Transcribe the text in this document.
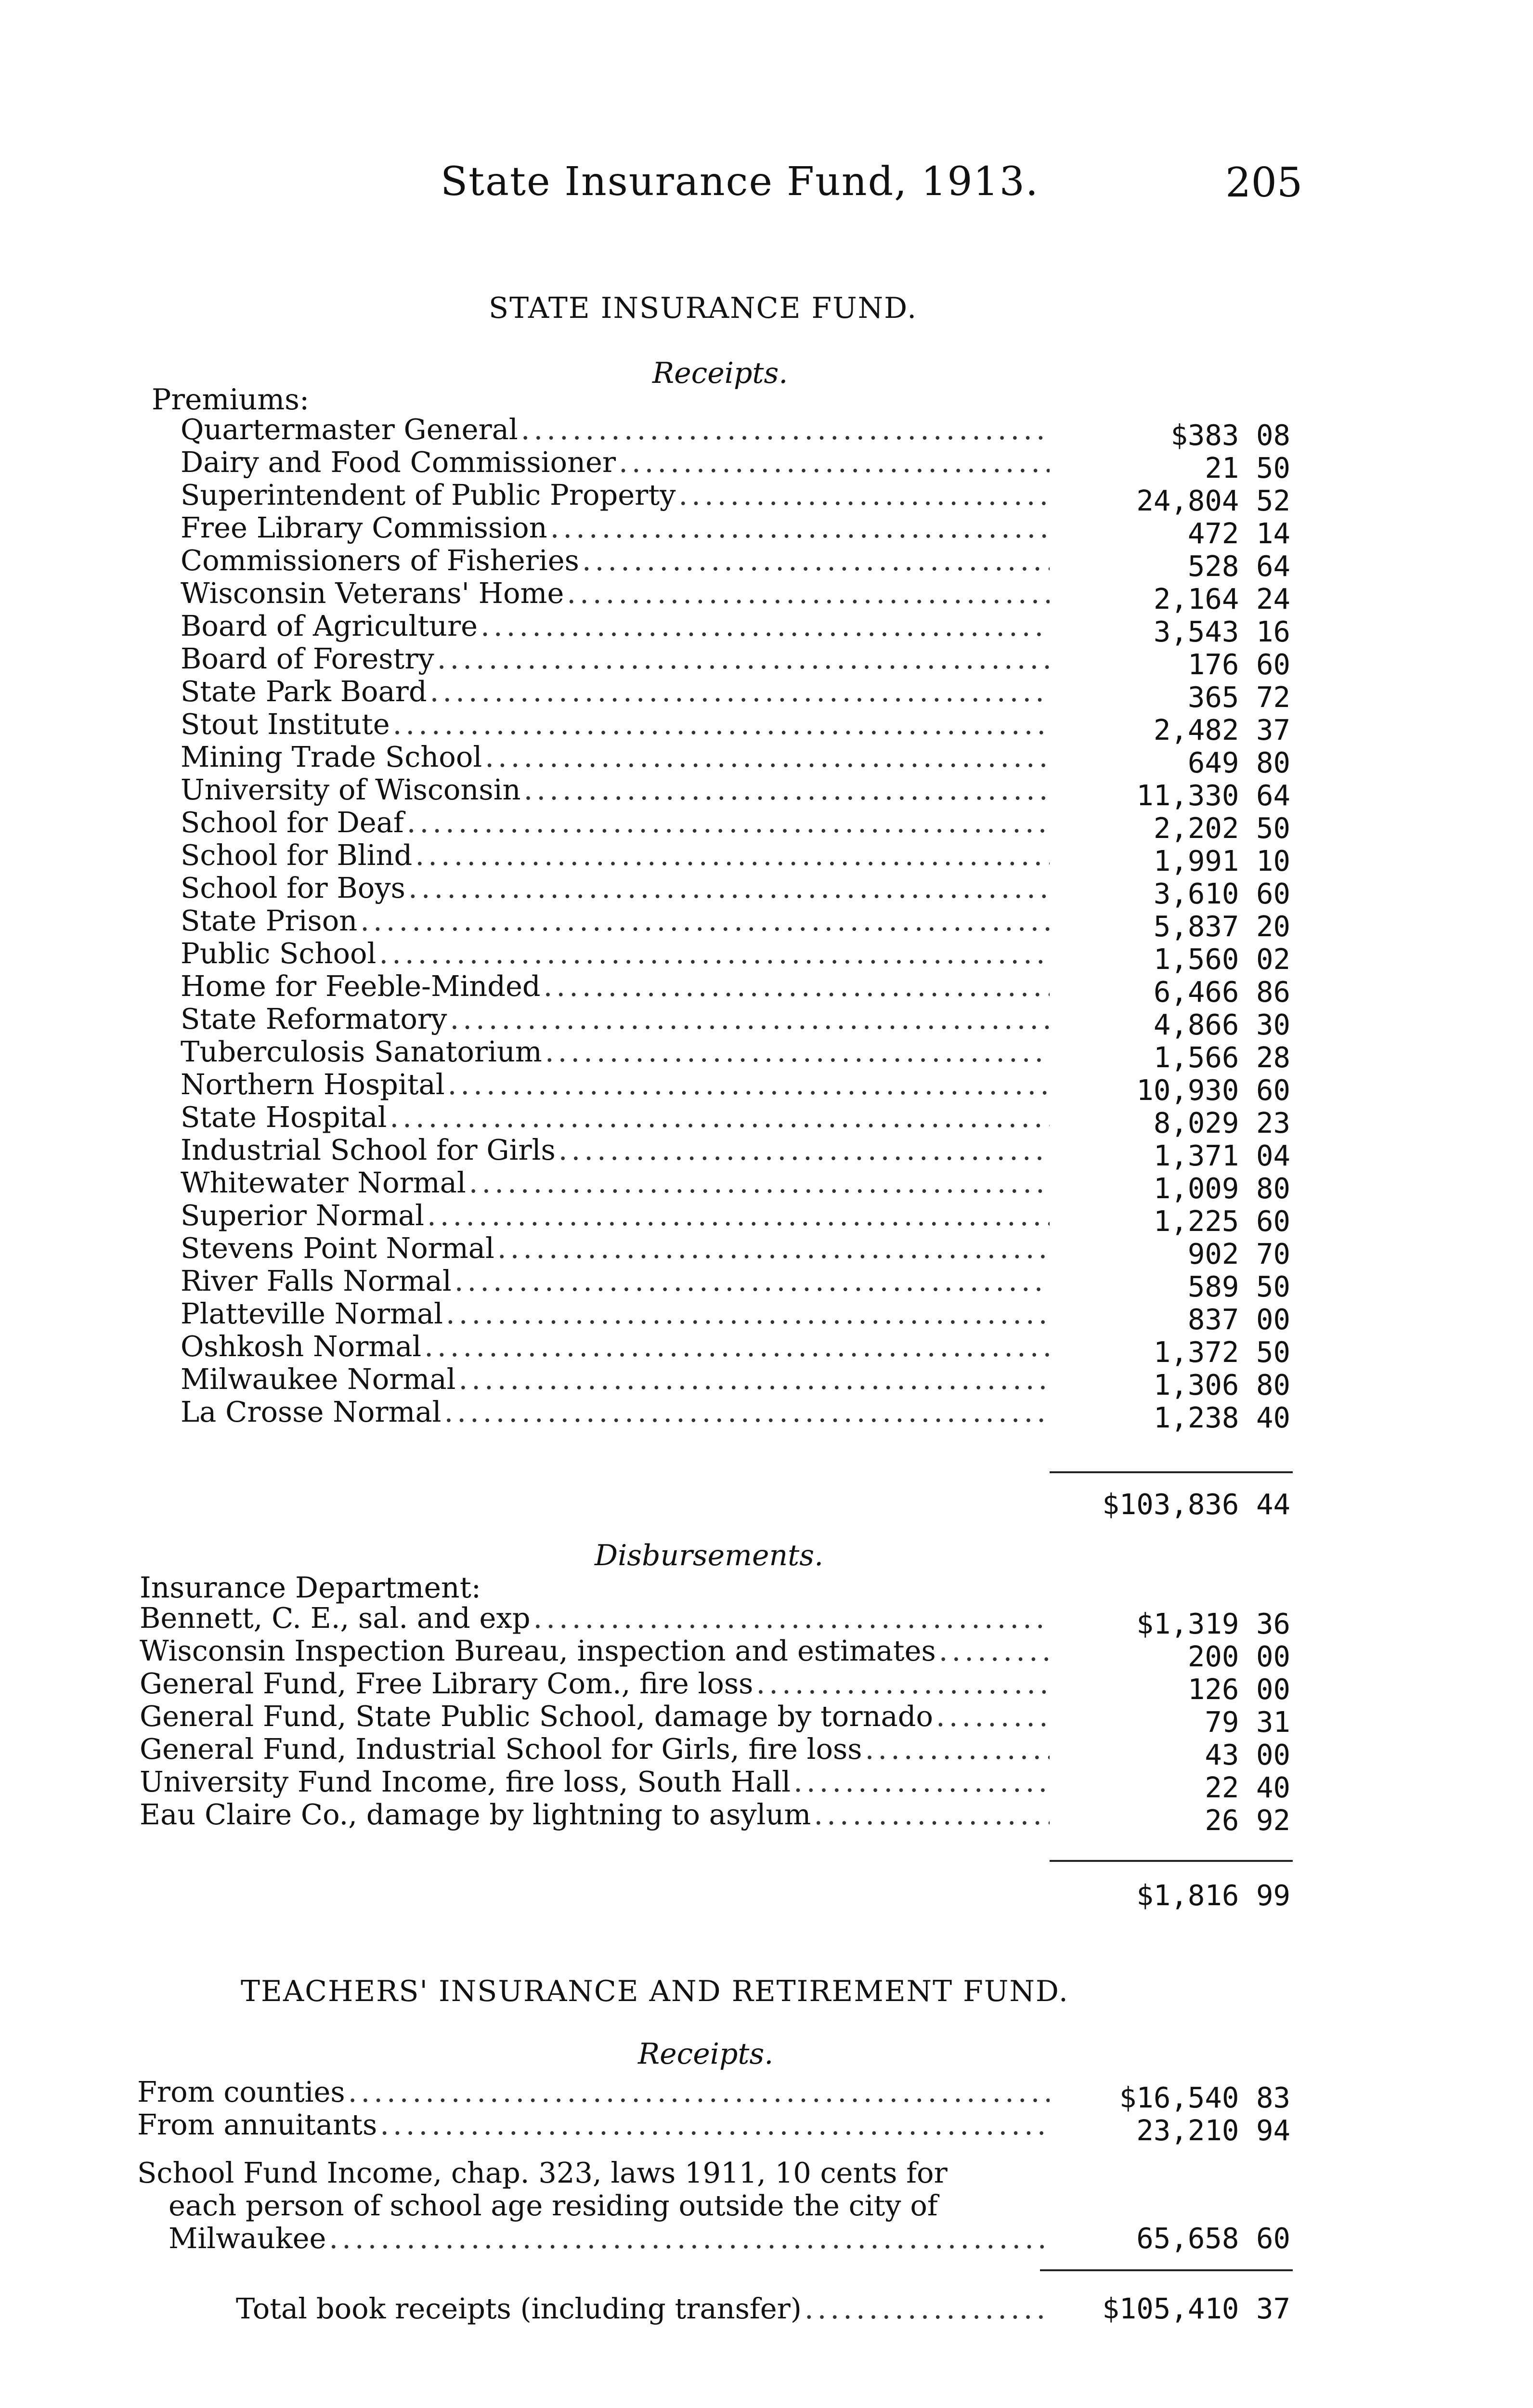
State Insurance Fund, 1913.	205
STATE INSURANCE FUND.
Receipts.
Premiums:
Quartermaster General .....	$383 08
Dairy and Food Commissioner .....	21 50
Superintendent of Public Property .....	24,804 52
Free Library Commission .....	472 14
Commissioners of Fisheries .....	528 64
Wisconsin Veterans' Home .....	2,164 24
Board of Agriculture .....	3,543 16
Board of Forestry .....	176 60
State Park Board .....	365 72
Stout Institute .....	2,482 37
Mining Trade School .....	649 80
University of Wisconsin .....	11,330 64
School for Deaf .....	2,202 50
School for Blind .....	1,991 10
School for Boys .....	3,610 60
State Prison .....	5,837 20
Public School .....	1,560 02
Home for Feeble-Minded .....	6,466 86
State Reformatory .....	4,866 30
Tuberculosis Sanatorium .....	1,566 28
Northern Hospital .....	10,930 60
State Hospital .....	8,029 23
Industrial School for Girls .....	1,371 04
Whitewater Normal .....	1,009 80
Superior Normal .....	1,225 60
Stevens Point Normal .....	902 70
River Falls Normal .....	589 50
Platteville Normal .....	837 00
Oshkosh Normal .....	1,372 50
Milwaukee Normal .....	1,306 80
La Crosse Normal .....	1,238 40
$103,836 44
Disbursements.
Insurance Department:
Bennett, C. E., sal. and exp .....	$1,319 36
Wisconsin Inspection Bureau, inspection and estimates .....	200 00
General Fund, Free Library Com., fire loss .....	126 00
General Fund, State Public School, damage by tornado .....	79 31
General Fund, Industrial School for Girls, fire loss .....	43 00
University Fund Income, fire loss, South Hall .....	22 40
Eau Claire Co., damage by lightning to asylum .....	26 92
$1,816 99
TEACHERS' INSURANCE AND RETIREMENT FUND.
Receipts.
From counties .....	$16,540 83
From annuitants .....	23,210 94
School Fund Income, chap. 323, laws 1911, 10 cents for
each person of school age residing outside the city of
Milwaukee .....	65,658 60
Total book receipts (including transfer) .....	$105,410 37
